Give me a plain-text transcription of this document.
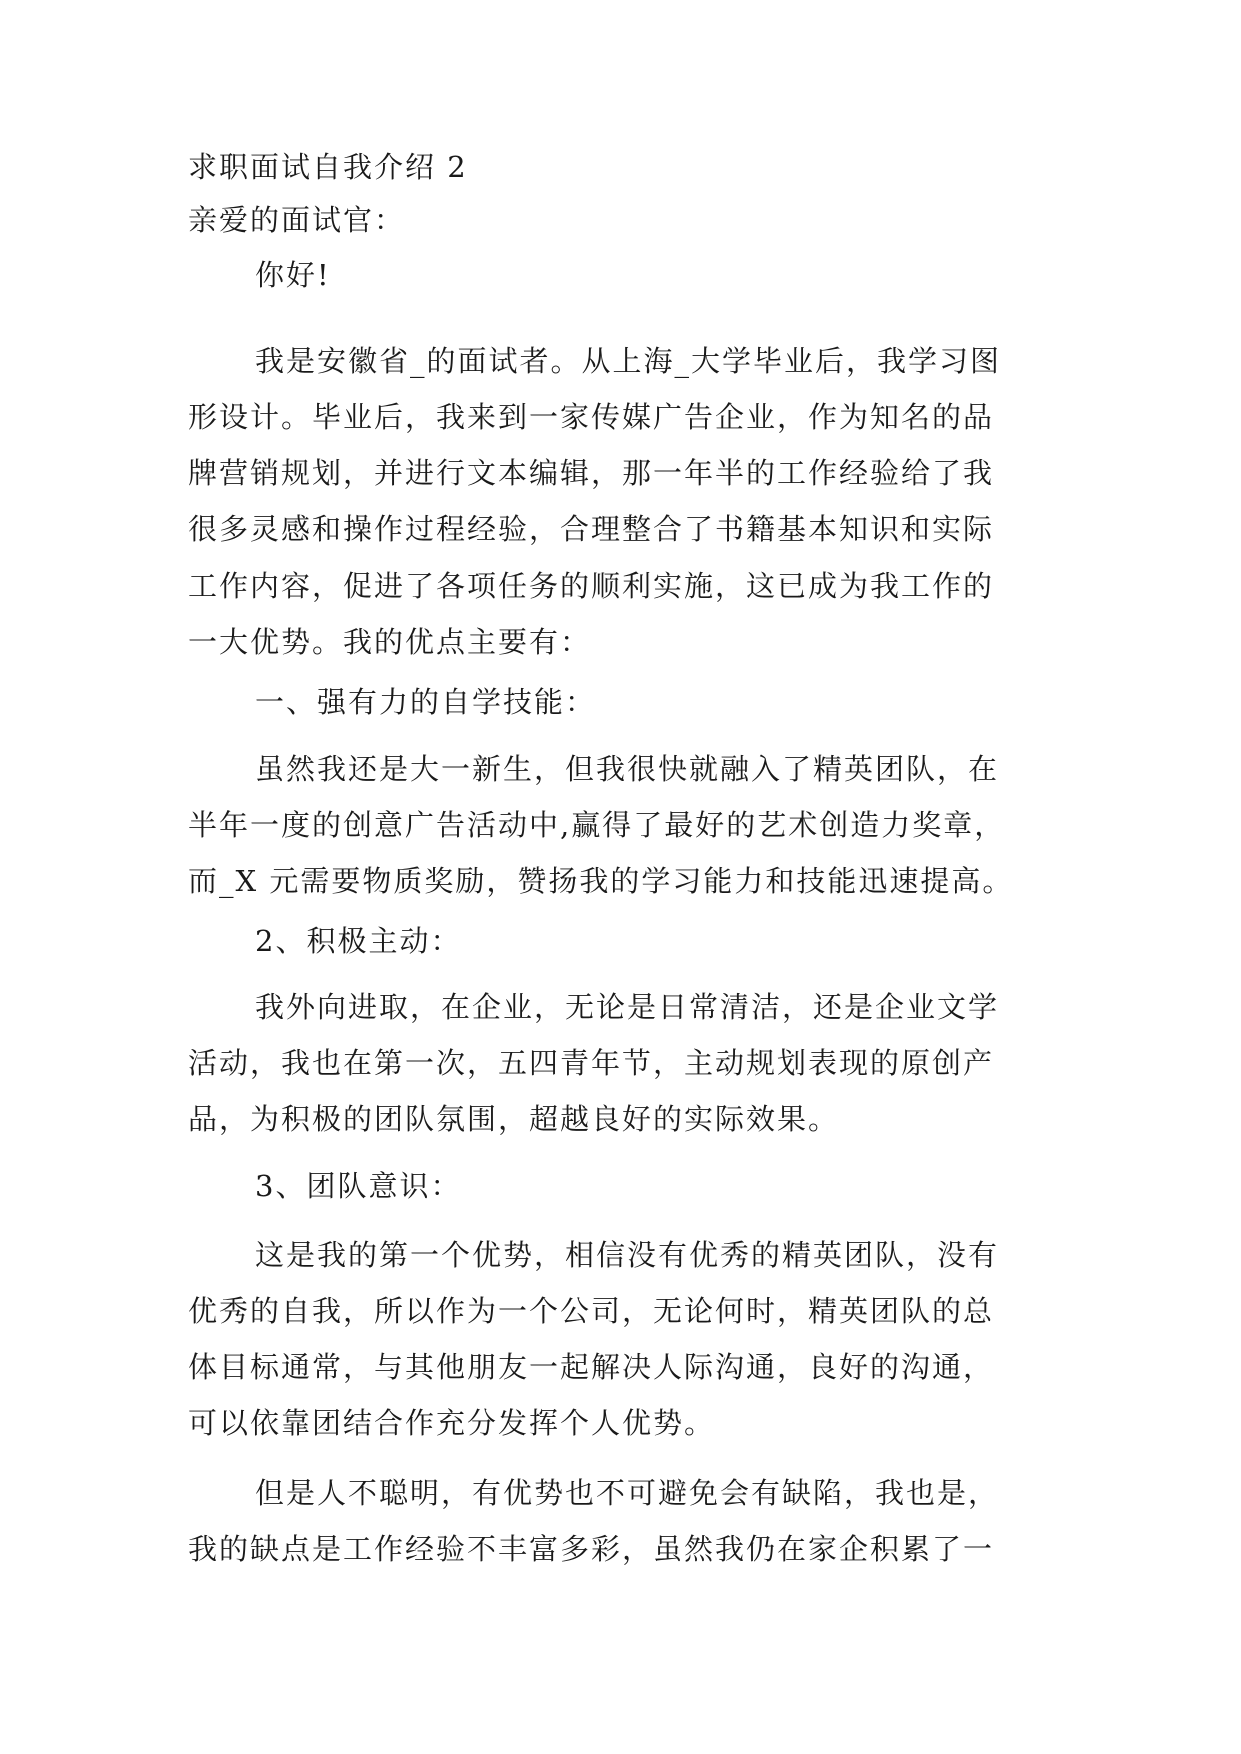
求职面试自我介绍 2

亲爱的面试官：

你好!

我是安徽省_的面试者。从上海_大学毕业后，我学习图

形设计。毕业后，我来到一家传媒广告企业，作为知名的品

牌营销规划，并进行文本编辑，那一年半的工作经验给了我

很多灵感和操作过程经验，合理整合了书籍基本知识和实际

工作内容，促进了各项任务的顺利实施，这已成为我工作的

一大优势。我的优点主要有：

一、强有力的自学技能：

虽然我还是大一新生，但我很快就融入了精英团队，在

半年一度的创意广告活动中,赢得了最好的艺术创造力奖章，

而_X 元需要物质奖励，赞扬我的学习能力和技能迅速提高。

2、积极主动：

我外向进取，在企业，无论是日常清洁，还是企业文学

活动，我也在第一次，五四青年节，主动规划表现的原创产

品，为积极的团队氛围，超越良好的实际效果。

3、团队意识：

这是我的第一个优势，相信没有优秀的精英团队，没有

优秀的自我，所以作为一个公司，无论何时，精英团队的总

体目标通常，与其他朋友一起解决人际沟通，良好的沟通，

可以依靠团结合作充分发挥个人优势。

但是人不聪明，有优势也不可避免会有缺陷，我也是，

我的缺点是工作经验不丰富多彩，虽然我仍在家企积累了一
